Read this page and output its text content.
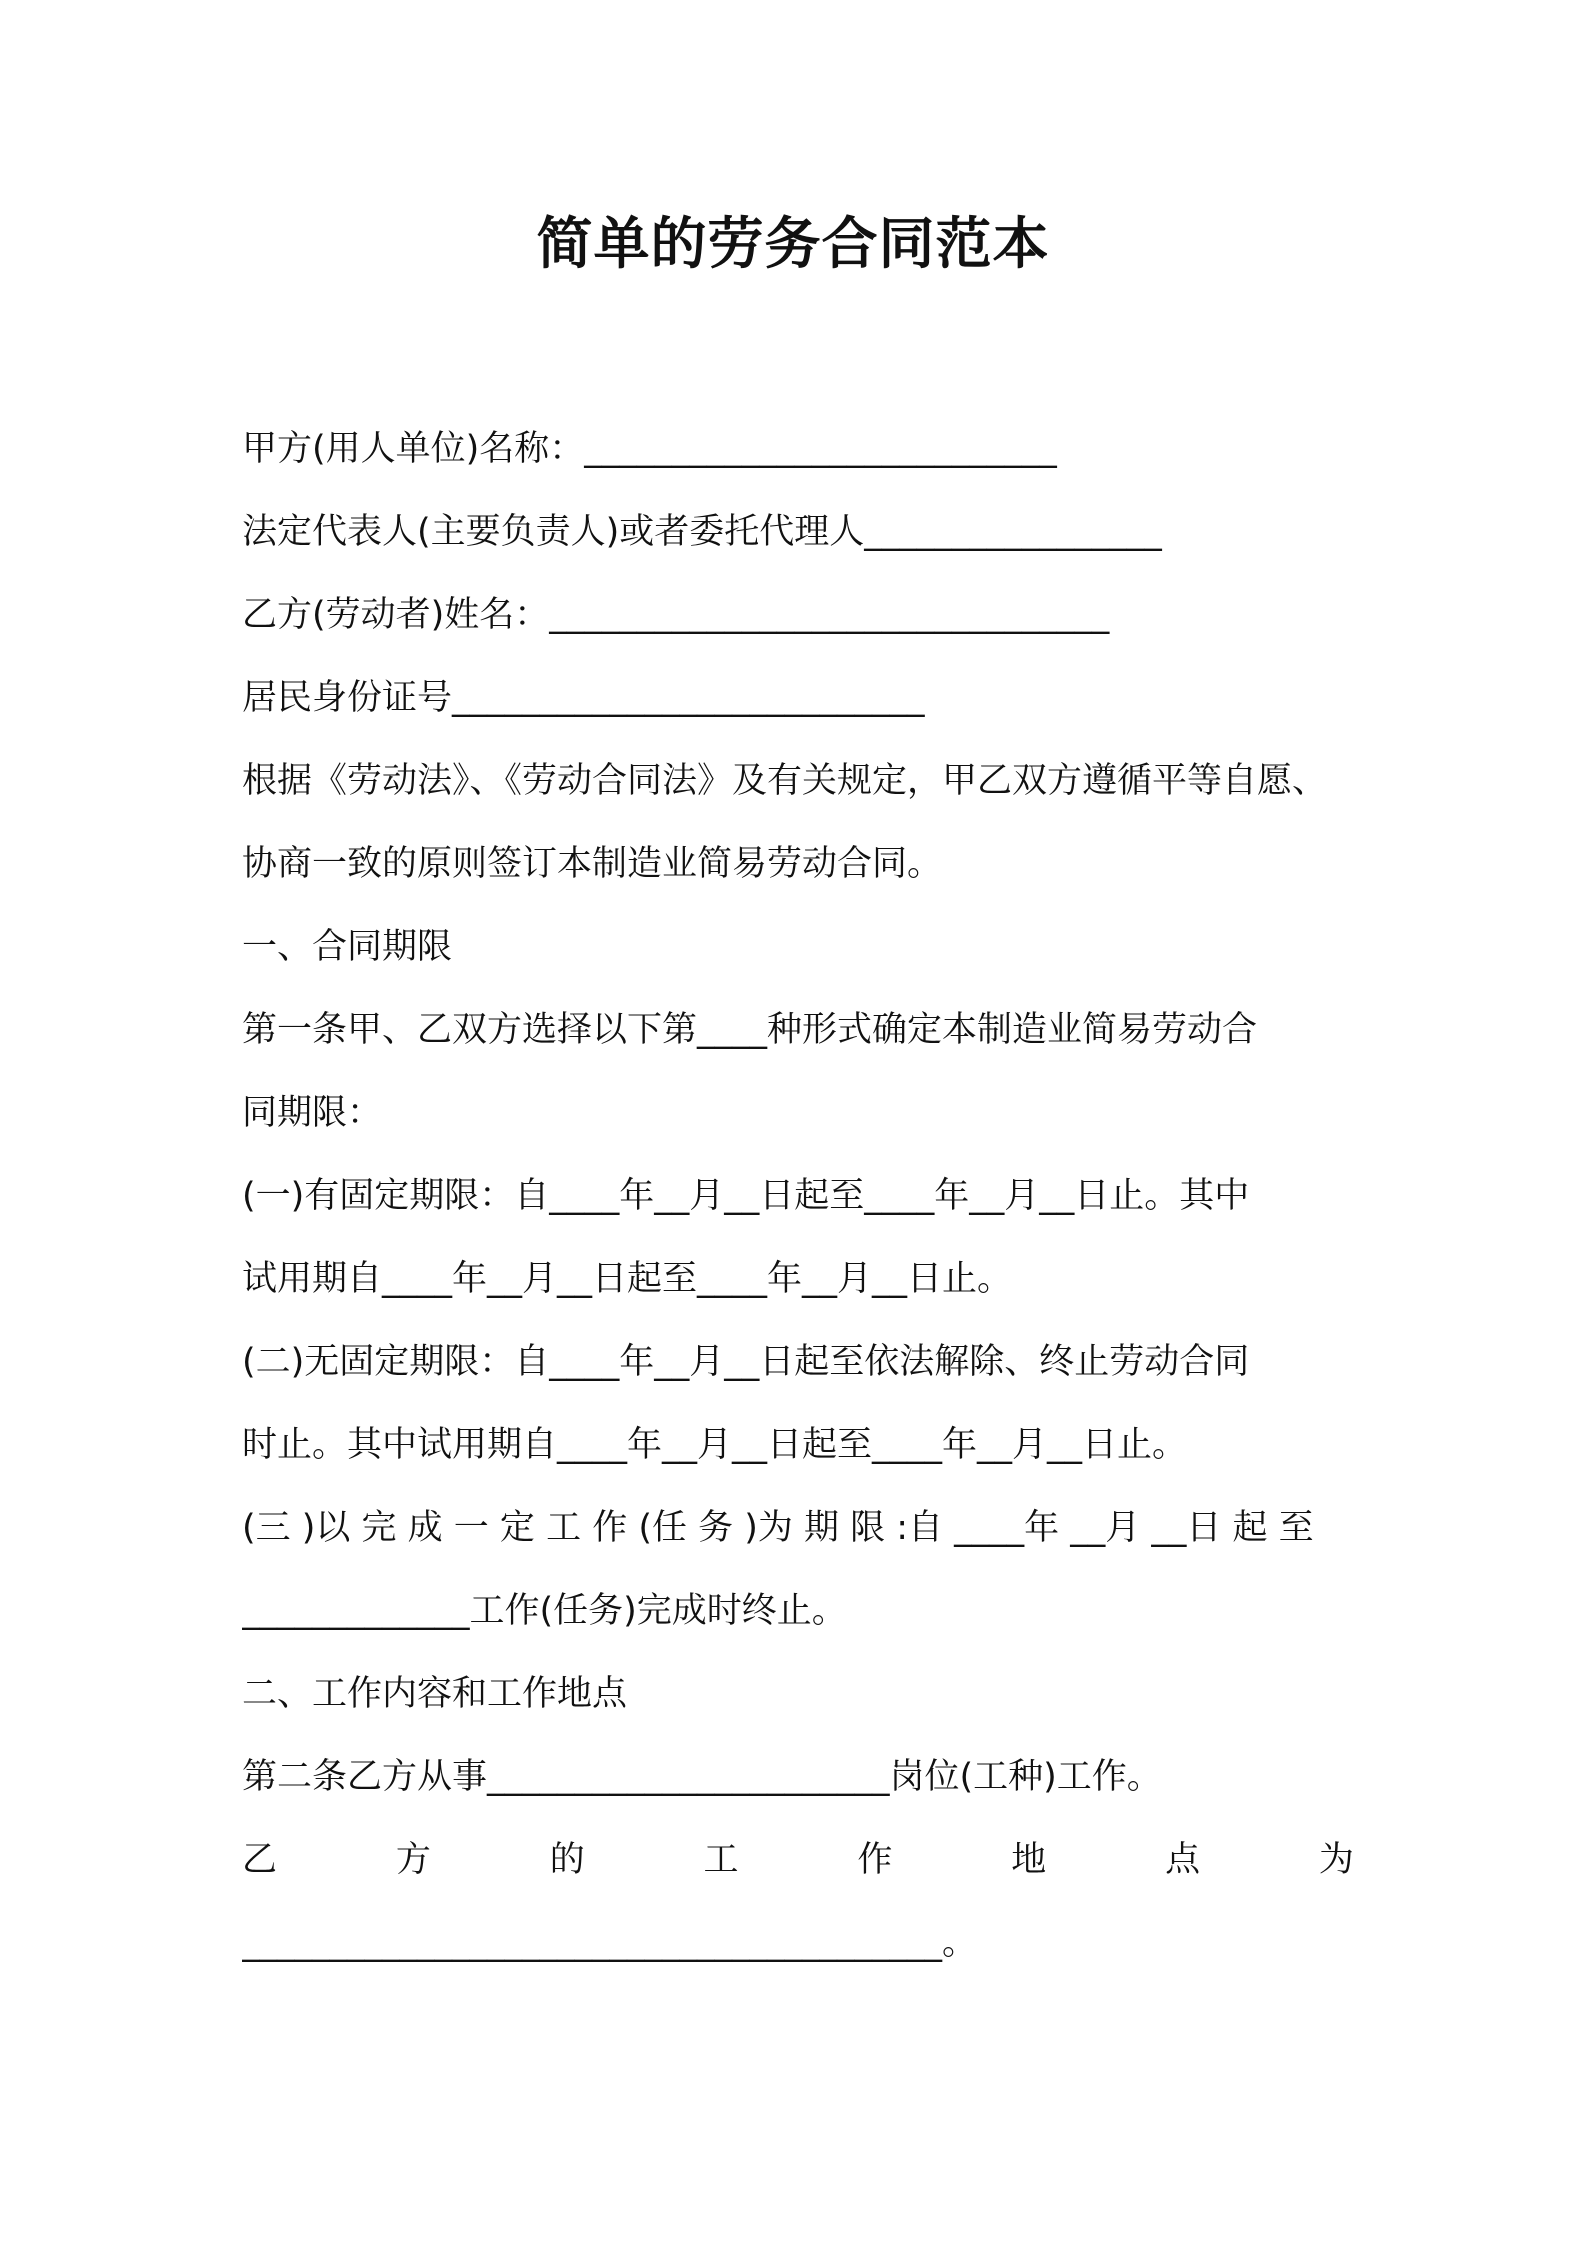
简单的劳务合同范本
甲方(用人单位)名称：___________________________
法定代表人(主要负责人)或者委托代理人_________________
乙方(劳动者)姓名：________________________________
居民身份证号___________________________
根据《劳动法》、《劳动合同法》及有关规定，甲乙双方遵循平等自愿、
协商一致的原则签订本制造业简易劳动合同。
一、合同期限
第一条甲、乙双方选择以下第____种形式确定本制造业简易劳动合
同期限：
(一)有固定期限：自____年__月__日起至____年__月__日止。其中
试用期自____年__月__日起至____年__月__日止。
(二)无固定期限：自____年__月__日起至依法解除、终止劳动合同
时止。其中试用期自____年__月__日起至____年__月__日止。
(三 )以 完 成 一 定 工 作 (任 务 )为 期 限 :自 ____年 __月 __日 起 至
_____________工作(任务)完成时终止。
二、工作内容和工作地点
第二条乙方从事_______________________岗位(工种)工作。
乙	方	的	工	作	地	点	为
________________________________________。
